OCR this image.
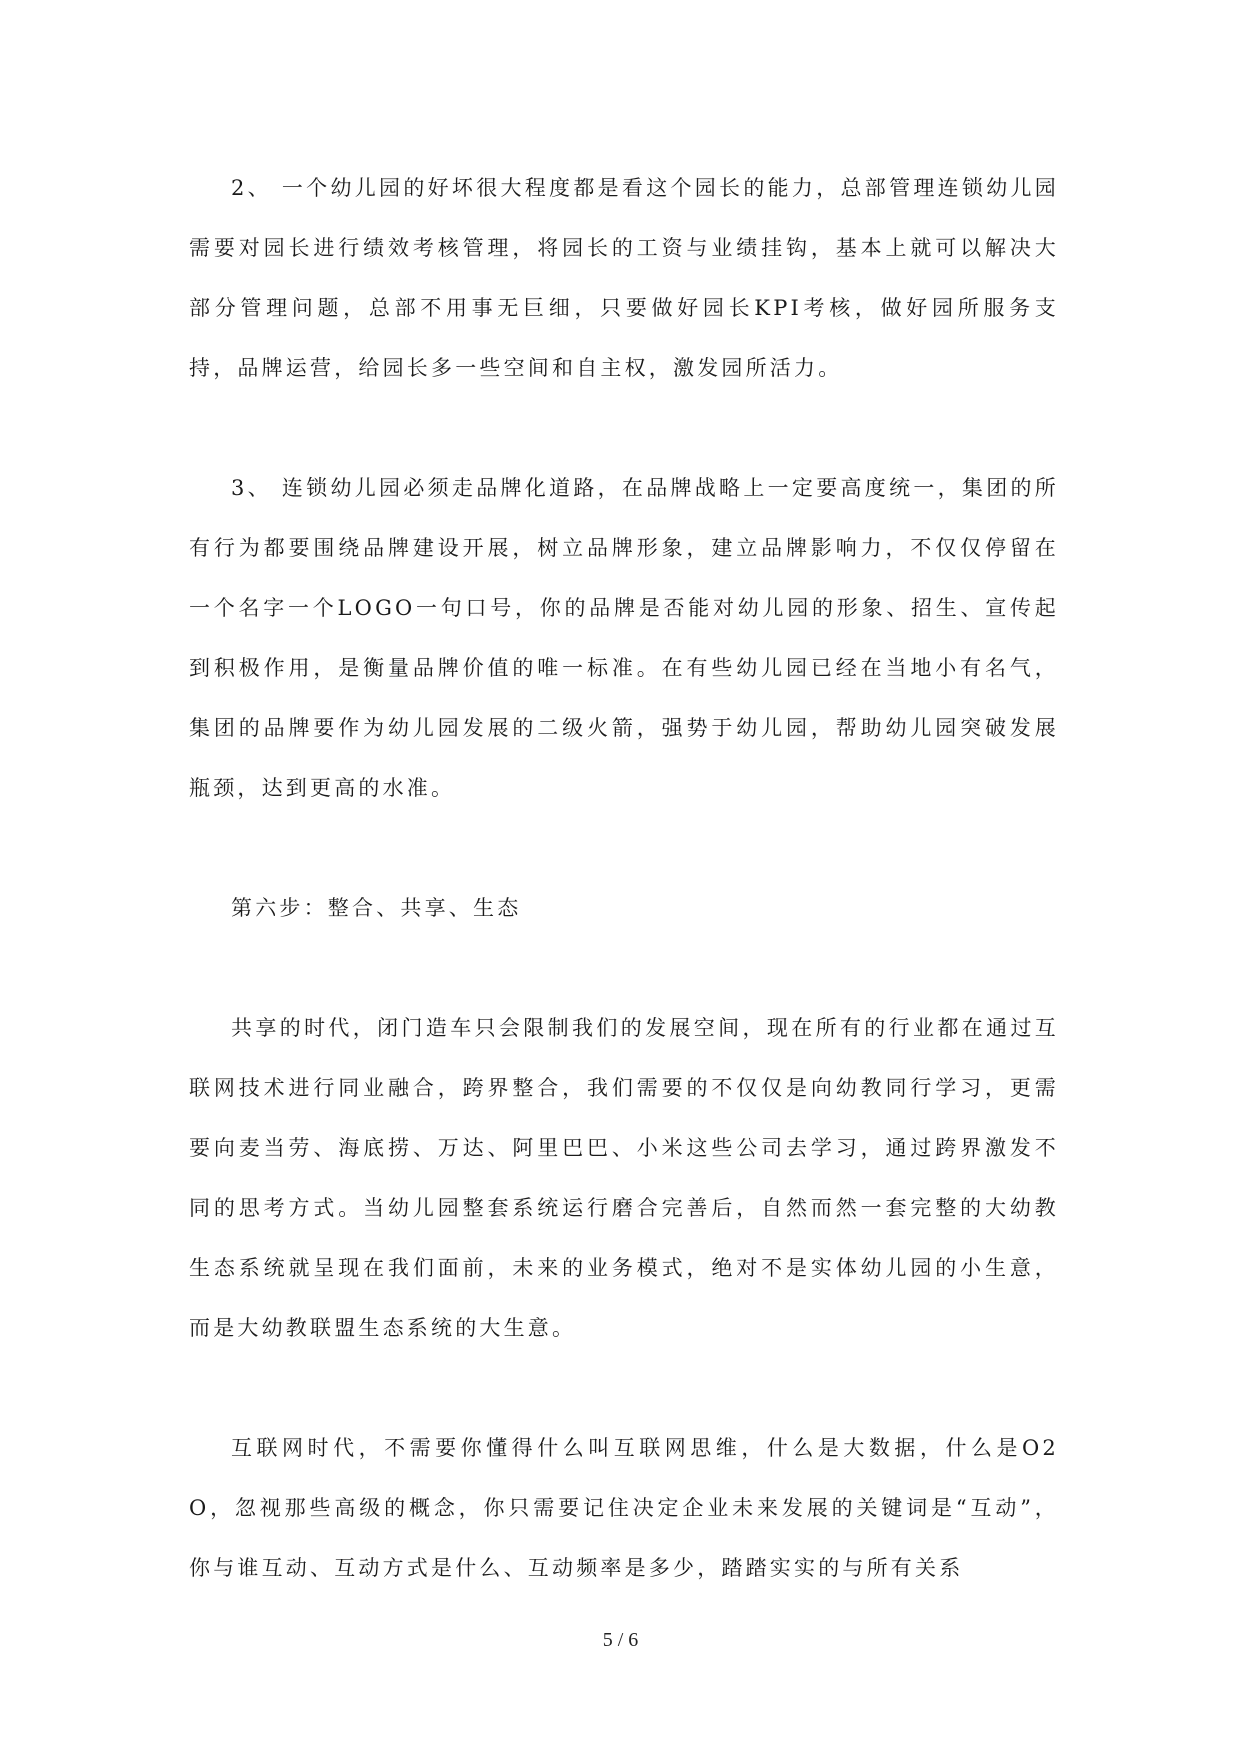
2、 一个幼儿园的好坏很大程度都是看这个园长的能力，总部管理连锁幼儿园需要对园长进行绩效考核管理，将园长的工资与业绩挂钩，基本上就可以解决大部分管理问题，总部不用事无巨细，只要做好园长KPI考核，做好园所服务支持，品牌运营，给园长多一些空间和自主权，激发园所活力。

3、 连锁幼儿园必须走品牌化道路，在品牌战略上一定要高度统一，集团的所有行为都要围绕品牌建设开展，树立品牌形象，建立品牌影响力，不仅仅停留在一个名字一个LOGO一句口号，你的品牌是否能对幼儿园的形象、招生、宣传起到积极作用，是衡量品牌价值的唯一标准。在有些幼儿园已经在当地小有名气，集团的品牌要作为幼儿园发展的二级火箭，强势于幼儿园，帮助幼儿园突破发展瓶颈，达到更高的水准。

第六步：整合、共享、生态

共享的时代，闭门造车只会限制我们的发展空间，现在所有的行业都在通过互联网技术进行同业融合，跨界整合，我们需要的不仅仅是向幼教同行学习，更需要向麦当劳、海底捞、万达、阿里巴巴、小米这些公司去学习，通过跨界激发不同的思考方式。当幼儿园整套系统运行磨合完善后，自然而然一套完整的大幼教生态系统就呈现在我们面前，未来的业务模式，绝对不是实体幼儿园的小生意，而是大幼教联盟生态系统的大生意。

互联网时代，不需要你懂得什么叫互联网思维，什么是大数据，什么是O2O，忽视那些高级的概念，你只需要记住决定企业未来发展的关键词是“互动”，你与谁互动、互动方式是什么、互动频率是多少，踏踏实实的与所有关系

5 / 6
